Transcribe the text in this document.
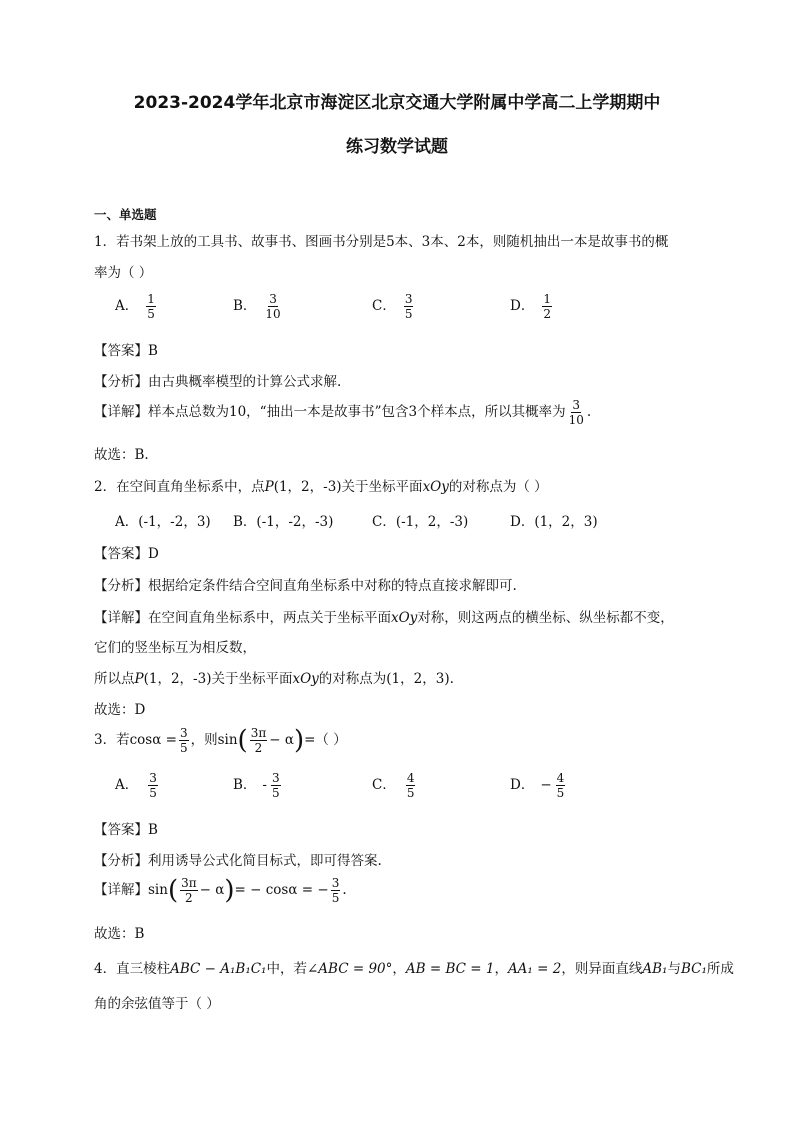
2023-2024学年北京市海淀区北京交通大学附属中学高二上学期期中
练习数学试题
一、单选题
1．若书架上放的工具书、故事书、图画书分别是5本、3本、2本，则随机抽出一本是故事书的概
率为（ ）
A． $\frac{1}{5}$	B． $\frac{3}{10}$	C． $\frac{3}{5}$	D． $\frac{1}{2}$
【答案】B
【分析】由古典概率模型的计算公式求解.
【详解】样本点总数为10，“抽出一本是故事书”包含3个样本点，所以其概率为 $\frac{3}{10}$ .
故选：B.
2．在空间直角坐标系中，点P(1，2，-3)关于坐标平面xOy的对称点为（ ）
A．(-1，-2，3) B．(-1，-2，-3)	C．(-1，2，-3)	D．(1，2，3)
【答案】D
【分析】根据给定条件结合空间直角坐标系中对称的特点直接求解即可.
【详解】在空间直角坐标系中，两点关于坐标平面xOy对称，则这两点的横坐标、纵坐标都不变，
它们的竖坐标互为相反数，
所以点P(1，2，-3)关于坐标平面xOy的对称点为(1，2，3).
故选：D
3．若$\cos\alpha = \frac{3}{5}$ ，则$\sin( \frac{3\pi}{2} - \alpha)=$（ ）
A． $\frac{3}{5}$	B． - $\frac{3}{5}$	C． $\frac{4}{5}$	D． − $\frac{4}{5}$
【答案】B
【分析】利用诱导公式化简目标式，即可得答案.
【详解】$\sin( \frac{3\pi}{2} - \alpha)= - \cos\alpha$ = − $\frac{3}{5}$ .
故选：B
4．直三棱柱ABC − A₁B₁C₁中，若∠ABC = 90°，AB = BC = 1，AA₁ = 2，则异面直线AB₁与BC₁所成
角的余弦值等于（ ）
